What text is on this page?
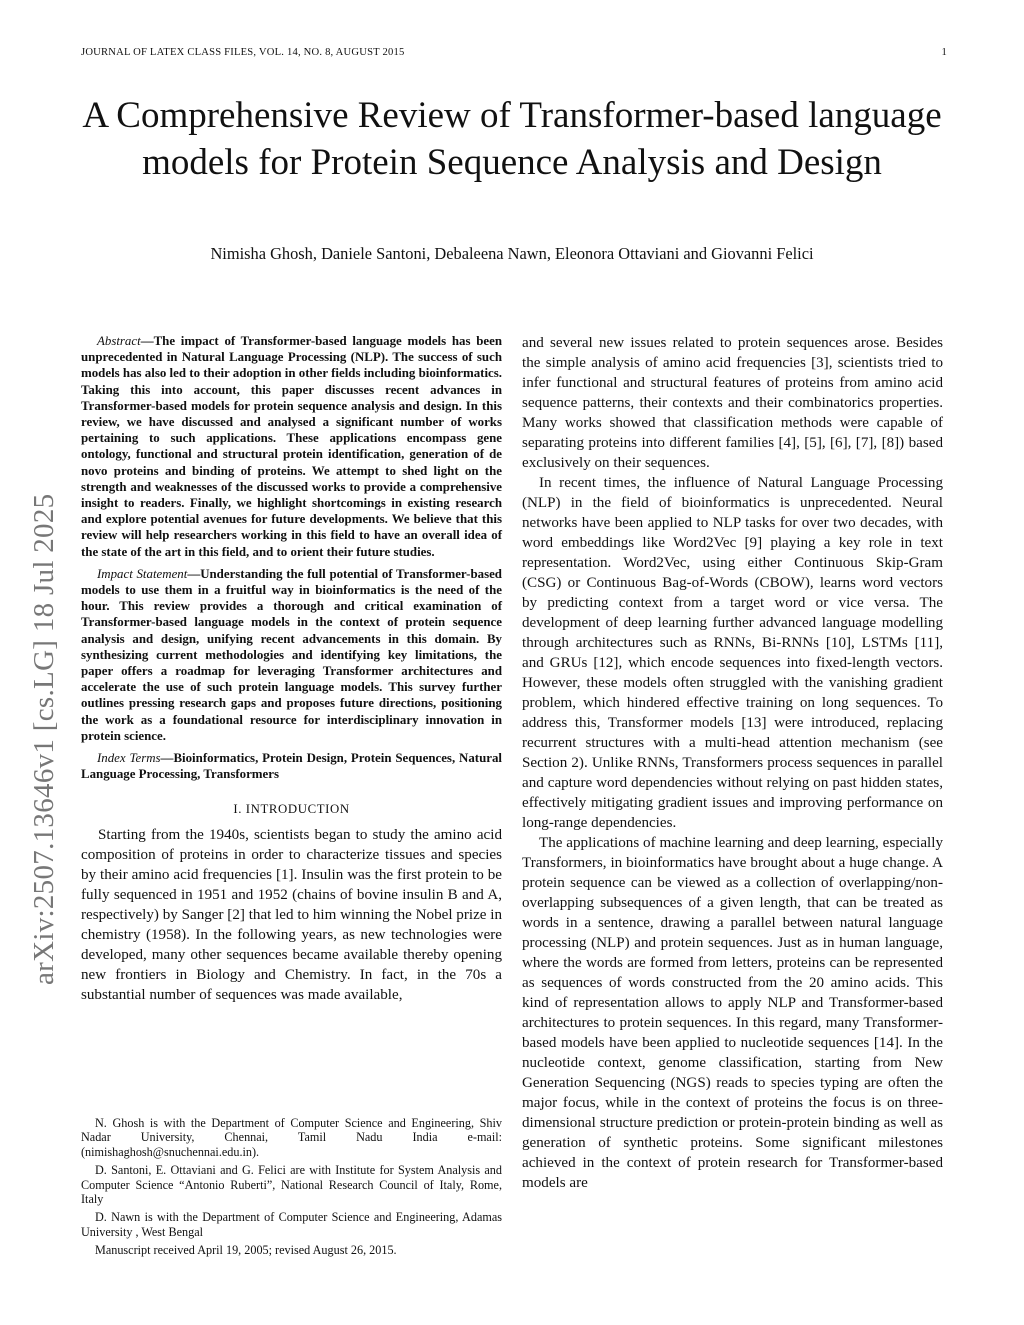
JOURNAL OF LATEX CLASS FILES, VOL. 14, NO. 8, AUGUST 2015	1
arXiv:2507.13646v1 [cs.LG] 18 Jul 2025
A Comprehensive Review of Transformer-based language models for Protein Sequence Analysis and Design
Nimisha Ghosh, Daniele Santoni, Debaleena Nawn, Eleonora Ottaviani and Giovanni Felici

Abstract—The impact of Transformer-based language models has been unprecedented in Natural Language Processing (NLP). The success of such models has also led to their adoption in other fields including bioinformatics. Taking this into account, this paper discusses recent advances in Transformer-based models for protein sequence analysis and design. In this review, we have discussed and analysed a significant number of works pertaining to such applications. These applications encompass gene ontology, functional and structural protein identification, generation of de novo proteins and binding of proteins. We attempt to shed light on the strength and weaknesses of the discussed works to provide a comprehensive insight to readers. Finally, we highlight shortcomings in existing research and explore potential avenues for future developments. We believe that this review will help researchers working in this field to have an overall idea of the state of the art in this field, and to orient their future studies.

Impact Statement—Understanding the full potential of Transformer-based models to use them in a fruitful way in bioinformatics is the need of the hour. This review provides a thorough and critical examination of Transformer-based language models in the context of protein sequence analysis and design, unifying recent advancements in this domain. By synthesizing current methodologies and identifying key limitations, the paper offers a roadmap for leveraging Transformer architectures and accelerate the use of such protein language models. This survey further outlines pressing research gaps and proposes future directions, positioning the work as a foundational resource for interdisciplinary innovation in protein science.

Index Terms—Bioinformatics, Protein Design, Protein Sequences, Natural Language Processing, Transformers

I. INTRODUCTION

Starting from the 1940s, scientists began to study the amino acid composition of proteins in order to characterize tissues and species by their amino acid frequencies [1]. Insulin was the first protein to be fully sequenced in 1951 and 1952 (chains of bovine insulin B and A, respectively) by Sanger [2] that led to him winning the Nobel prize in chemistry (1958). In the following years, as new technologies were developed, many other sequences became available thereby opening new frontiers in Biology and Chemistry. In fact, in the 70s a substantial number of sequences was made available,

N. Ghosh is with the Department of Computer Science and Engineering, Shiv Nadar University, Chennai, Tamil Nadu India e-mail: (nimishaghosh@snuchennai.edu.in).

D. Santoni, E. Ottaviani and G. Felici are with Institute for System Analysis and Computer Science “Antonio Ruberti”, National Research Council of Italy, Rome, Italy

D. Nawn is with the Department of Computer Science and Engineering, Adamas University , West Bengal

Manuscript received April 19, 2005; revised August 26, 2015.

and several new issues related to protein sequences arose. Besides the simple analysis of amino acid frequencies [3], scientists tried to infer functional and structural features of proteins from amino acid sequence patterns, their contexts and their combinatorics properties. Many works showed that classification methods were capable of separating proteins into different families [4], [5], [6], [7], [8]) based exclusively on their sequences.

In recent times, the influence of Natural Language Processing (NLP) in the field of bioinformatics is unprecedented. Neural networks have been applied to NLP tasks for over two decades, with word embeddings like Word2Vec [9] playing a key role in text representation. Word2Vec, using either Continuous Skip-Gram (CSG) or Continuous Bag-of-Words (CBOW), learns word vectors by predicting context from a target word or vice versa. The development of deep learning further advanced language modelling through architectures such as RNNs, Bi-RNNs [10], LSTMs [11], and GRUs [12], which encode sequences into fixed-length vectors. However, these models often struggled with the vanishing gradient problem, which hindered effective training on long sequences. To address this, Transformer models [13] were introduced, replacing recurrent structures with a multi-head attention mechanism (see Section 2). Unlike RNNs, Transformers process sequences in parallel and capture word dependencies without relying on past hidden states, effectively mitigating gradient issues and improving performance on long-range dependencies.

The applications of machine learning and deep learning, especially Transformers, in bioinformatics have brought about a huge change. A protein sequence can be viewed as a collection of overlapping/non-overlapping subsequences of a given length, that can be treated as words in a sentence, drawing a parallel between natural language processing (NLP) and protein sequences. Just as in human language, where the words are formed from letters, proteins can be represented as sequences of words constructed from the 20 amino acids. This kind of representation allows to apply NLP and Transformer-based architectures to protein sequences. In this regard, many Transformer-based models have been applied to nucleotide sequences [14]. In the nucleotide context, genome classification, starting from New Generation Sequencing (NGS) reads to species typing are often the major focus, while in the context of proteins the focus is on three-dimensional structure prediction or protein-protein binding as well as generation of synthetic proteins. Some significant milestones achieved in the context of protein research for Transformer-based models are
